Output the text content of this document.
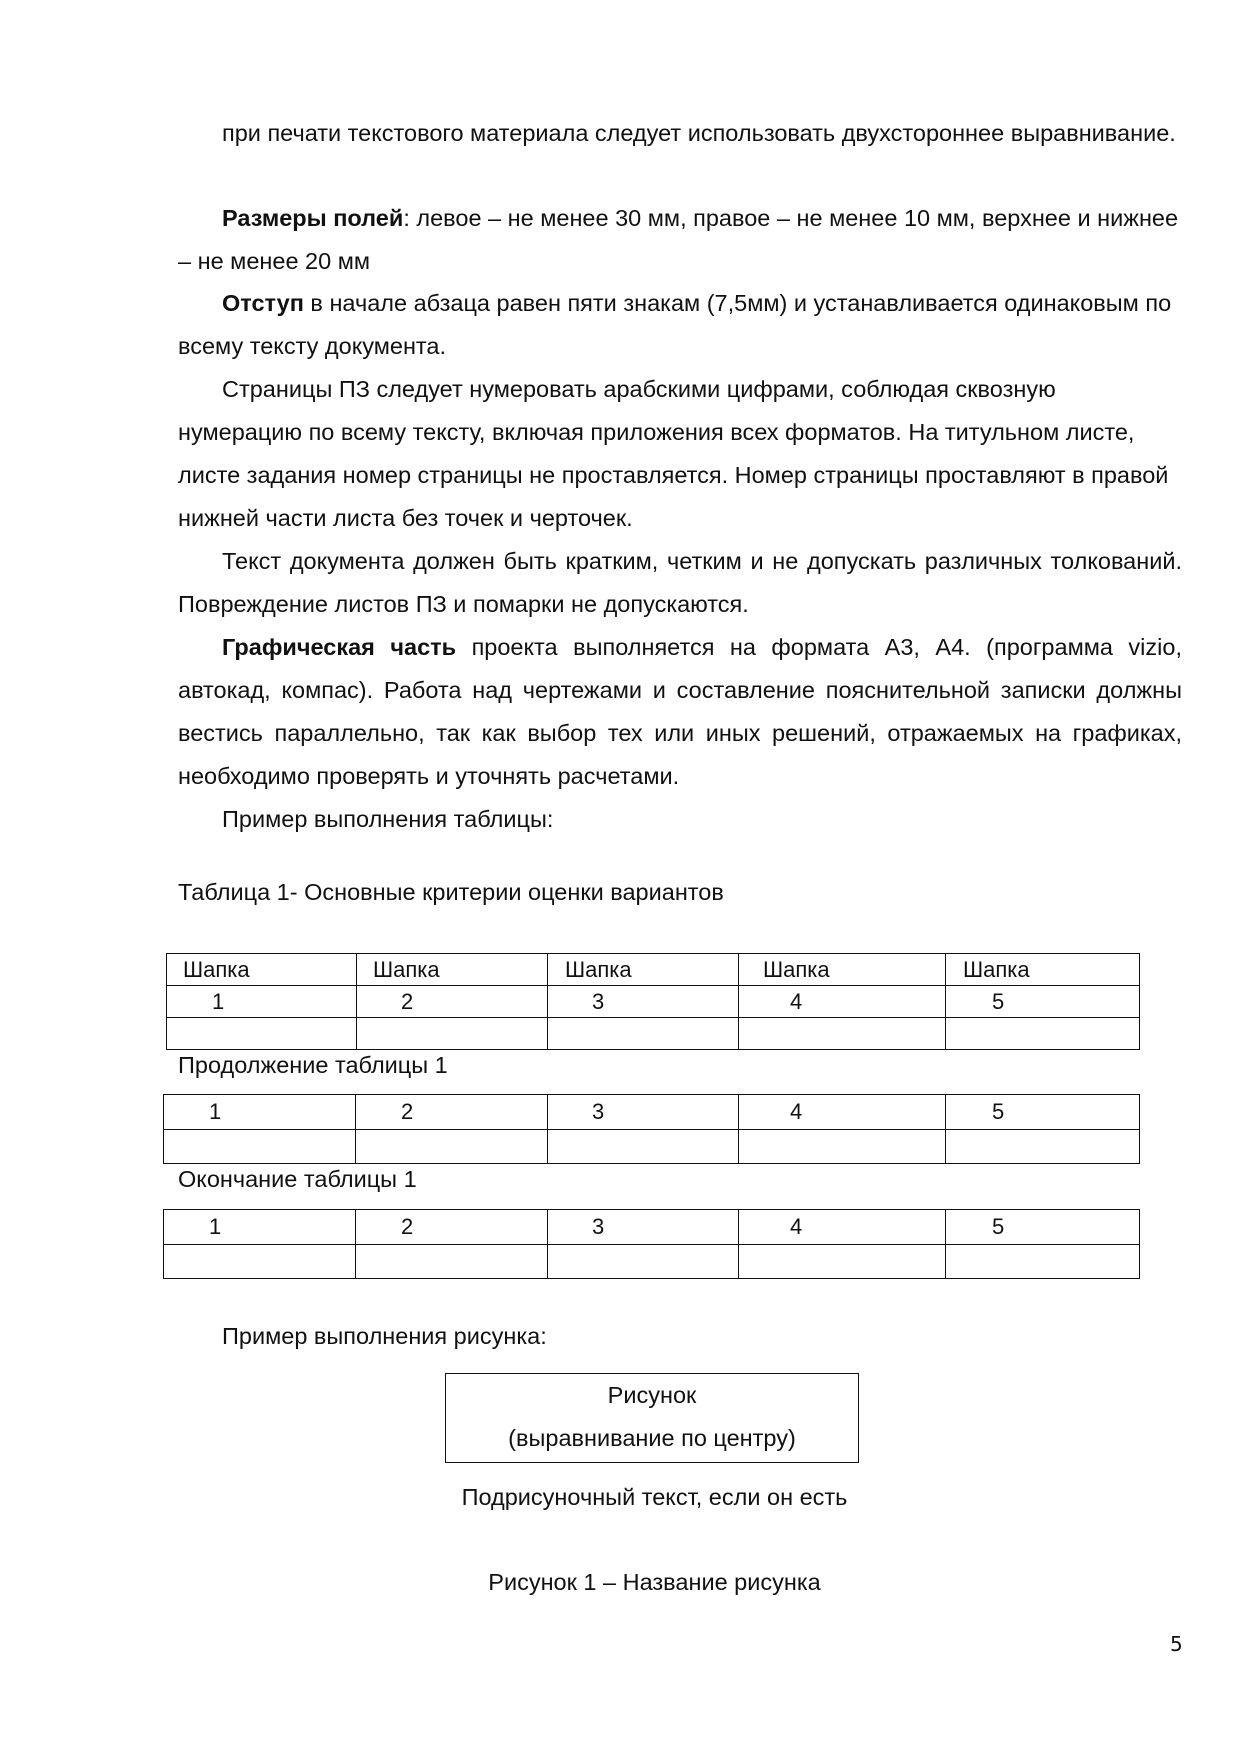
при печати текстового материала следует использовать двухстороннее выравнивание.
Размеры полей: левое – не менее 30 мм, правое – не менее 10 мм, верхнее и нижнее – не менее 20 мм
Отступ в начале абзаца равен пяти знакам (7,5мм) и устанавливается одинаковым по всему тексту документа.
Страницы ПЗ следует нумеровать арабскими цифрами, соблюдая сквозную нумерацию по всему тексту, включая приложения всех форматов. На титульном листе, листе задания номер страницы не проставляется. Номер страницы проставляют в правой нижней части листа без точек и черточек.
Текст документа должен быть кратким, четким и не допускать различных толкований. Повреждение листов ПЗ и помарки не допускаются.
Графическая часть проекта выполняется на формата А3, А4. (программа vizio, автокад, компас). Работа над чертежами и составление пояснительной записки должны вестись параллельно, так как выбор тех или иных решений, отражаемых на графиках, необходимо проверять и уточнять расчетами.
Пример выполнения таблицы:
Таблица 1- Основные критерии оценки вариантов
Шапка	Шапка	Шапка	Шапка	Шапка
1	2	3	4	5

Продолжение таблицы 1
1	2	3	4	5

Окончание таблицы 1
1	2	3	4	5

Пример выполнения рисунка:
Рисунок
(выравнивание по центру)
Подрисуночный текст, если он есть
Рисунок 1 – Название рисунка
5
